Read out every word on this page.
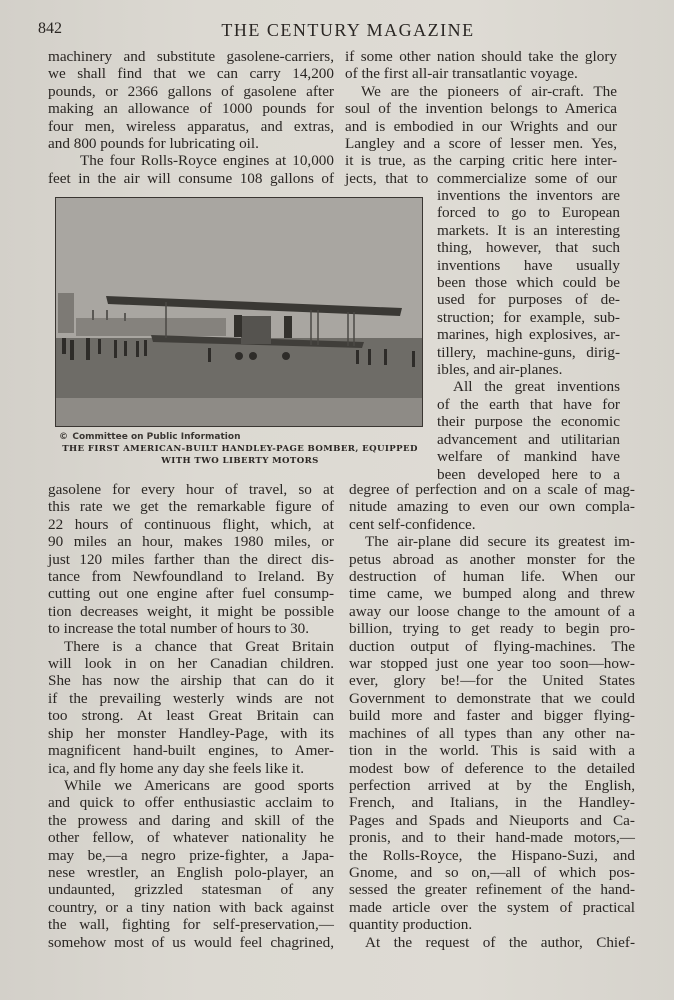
842	THE CENTURY MAGAZINE
machinery and substitute gasolene-carriers,
we shall find that we can carry 14,200
pounds, or 2366 gallons of gasolene after
making an allowance of 1000 pounds for
four men, wireless apparatus, and extras,
and 800 pounds for lubricating oil.
The four Rolls-Royce engines at 10,000
feet in the air will consume 108 gallons of
if some other nation should take the glory
of the first all-air transatlantic voyage.
We are the pioneers of air-craft. The
soul of the invention belongs to America
and is embodied in our Wrights and our
Langley and a score of lesser men. Yes,
it is true, as the carping critic here inter-
jects, that to commercialize some of our
inventions the inventors are
forced to go to European
markets. It is an interesting
thing, however, that such
inventions have usually
been those which could be
used for purposes of de-
struction; for example, sub-
marines, high explosives, ar-
tillery, machine-guns, dirig-
ibles, and air-planes.
All the great inventions
of the earth that have for
their purpose the economic
advancement and utilitarian
welfare of mankind have
been developed here to a
© Committee on Public Information
THE FIRST AMERICAN-BUILT HANDLEY-PAGE BOMBER, EQUIPPED
WITH TWO LIBERTY MOTORS
gasolene for every hour of travel, so at
this rate we get the remarkable figure of
22 hours of continuous flight, which, at
90 miles an hour, makes 1980 miles, or
just 120 miles farther than the direct dis-
tance from Newfoundland to Ireland. By
cutting out one engine after fuel consump-
tion decreases weight, it might be possible
to increase the total number of hours to 30.
There is a chance that Great Britain
will look in on her Canadian children.
She has now the airship that can do it
if the prevailing westerly winds are not
too strong. At least Great Britain can
ship her monster Handley-Page, with its
magnificent hand-built engines, to Amer-
ica, and fly home any day she feels like it.
While we Americans are good sports
and quick to offer enthusiastic acclaim to
the prowess and daring and skill of the
other fellow, of whatever nationality he
may be,—a negro prize-fighter, a Japa-
nese wrestler, an English polo-player, an
undaunted, grizzled statesman of any
country, or a tiny nation with back against
the wall, fighting for self-preservation,—
somehow most of us would feel chagrined,
degree of perfection and on a scale of mag-
nitude amazing to even our own compla-
cent self-confidence.
The air-plane did secure its greatest im-
petus abroad as another monster for the
destruction of human life. When our
time came, we bumped along and threw
away our loose change to the amount of a
billion, trying to get ready to begin pro-
duction output of flying-machines. The
war stopped just one year too soon—how-
ever, glory be!—for the United States
Government to demonstrate that we could
build more and faster and bigger flying-
machines of all types than any other na-
tion in the world. This is said with a
modest bow of deference to the detailed
perfection arrived at by the English,
French, and Italians, in the Handley-
Pages and Spads and Nieuports and Ca-
pronis, and to their hand-made motors,—
the Rolls-Royce, the Hispano-Suzi, and
Gnome, and so on,—all of which pos-
sessed the greater refinement of the hand-
made article over the system of practical
quantity production.
At the request of the author, Chief-
